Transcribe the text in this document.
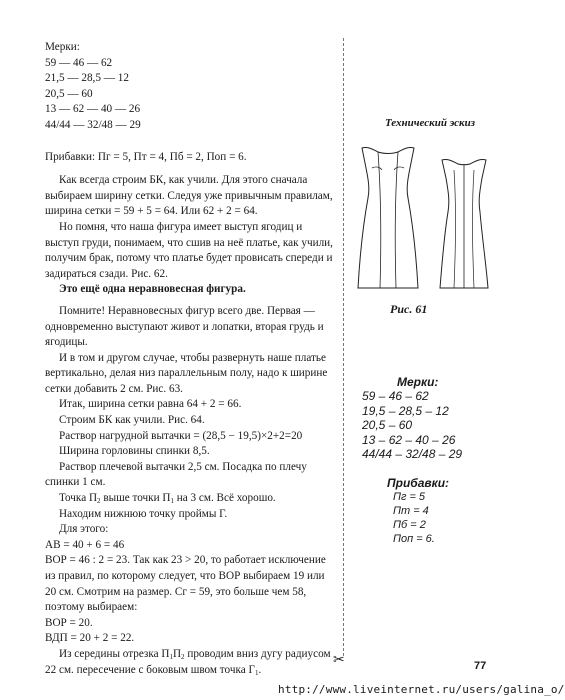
Мерки:

59 — 46 — 62

21,5 — 28,5 — 12

20,5 — 60

13 — 62 — 40 — 26

44/44 — 32/48 — 29

Прибавки: Пг = 5, Пт = 4, Пб = 2, Поп = 6.

Как всегда строим БК, как учили. Для этого сначала выбираем ширину сетки. Следуя уже привычным правилам, ширина сетки = 59 + 5 = 64. Или 62 + 2 = 64.

Но помня, что наша фигура имеет выступ ягодиц и выступ груди, понимаем, что сшив на неё платье, как учили, получим брак, потому что платье будет провисать спереди и задираться сзади. Рис. 62.

Это ещё одна неравновесная фигура.

Помните! Неравновесных фигур всего две. Первая — одновременно выступают живот и лопатки, вторая грудь и ягодицы.

И в том и другом случае, чтобы развернуть наше платье вертикально, делая низ параллельным полу, надо к ширине сетки добавить 2 см. Рис. 63.

Итак, ширина сетки равна 64 + 2 = 66.

Строим БК как учили. Рис. 64.

Раствор нагрудной вытачки = (28,5 − 19,5)×2+2=20

Ширина горловины спинки 8,5.

Раствор плечевой вытачки 2,5 см. Посадка по плечу спинки 1 см.

Точка $П_2$ выше точки $П_1$ на 3 см. Всё хорошо.

Находим нижнюю точку проймы Г.

Для этого:

АВ = 40 + 6 = 46

ВОР = 46 : 2 = 23. Так как 23 > 20, то работает исключение из правил, по которому следует, что ВОР выбираем 19 или 20 см. Смотрим на размер. Сг = 59, это больше чем 58, поэтому выбираем:

ВОР = 20.

ВДП = 20 + 2 = 22.

Из середины отрезка $П_1П_2$ проводим вниз дугу радиусом 22 см. пересечение с боковым швом точка $Г_1$.

Технический эскиз
Рис. 61
Мерки:
59 – 46 – 62
19,5 – 28,5 – 12
20,5 – 60
13 – 62 – 40 – 26
44/44 – 32/48 – 29
Прибавки:
Пг = 5
Пт = 4
Пб = 2
Поп = 6.
✂	77
http://www.liveinternet.ru/users/galina_o/
